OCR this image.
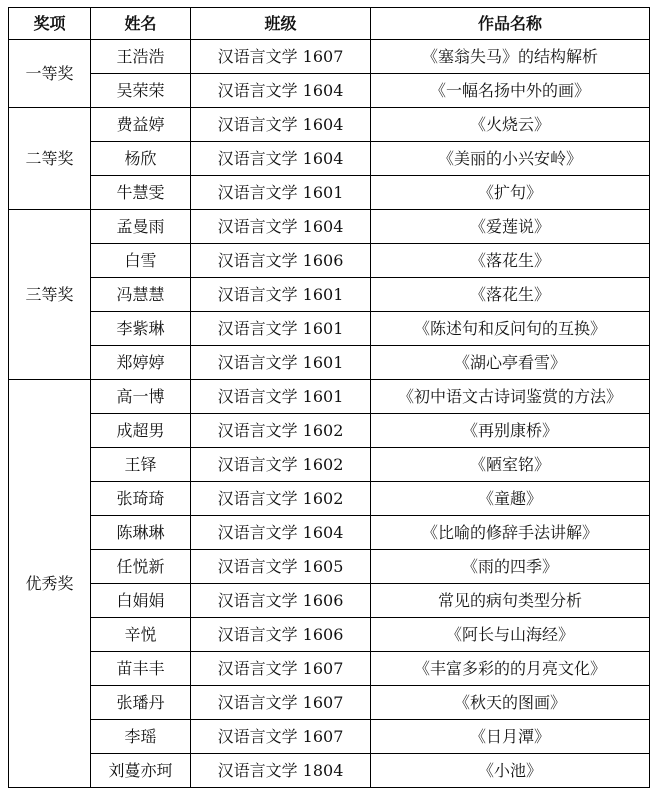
奖项	姓名	班级	作品名称
一等奖	王浩浩	汉语言文学 1607	《塞翁失马》的结构解析
	吴荣荣	汉语言文学 1604	《一幅名扬中外的画》
二等奖	费益婷	汉语言文学 1604	《火烧云》
	杨欣	汉语言文学 1604	《美丽的小兴安岭》
	牛慧雯	汉语言文学 1601	《扩句》
三等奖	孟曼雨	汉语言文学 1604	《爱莲说》
	白雪	汉语言文学 1606	《落花生》
	冯慧慧	汉语言文学 1601	《落花生》
	李紫琳	汉语言文学 1601	《陈述句和反问句的互换》
	郑婷婷	汉语言文学 1601	《湖心亭看雪》
优秀奖	高一博	汉语言文学 1601	《初中语文古诗词鉴赏的方法》
	成超男	汉语言文学 1602	《再别康桥》
	王铎	汉语言文学 1602	《陋室铭》
	张琦琦	汉语言文学 1602	《童趣》
	陈琳琳	汉语言文学 1604	《比喻的修辞手法讲解》
	任悦新	汉语言文学 1605	《雨的四季》
	白娟娟	汉语言文学 1606	常见的病句类型分析
	辛悦	汉语言文学 1606	《阿长与山海经》
	苗丰丰	汉语言文学 1607	《丰富多彩的的月亮文化》
	张璠丹	汉语言文学 1607	《秋天的图画》
	李瑶	汉语言文学 1607	《日月潭》
	刘蔓亦珂	汉语言文学 1804	《小池》
